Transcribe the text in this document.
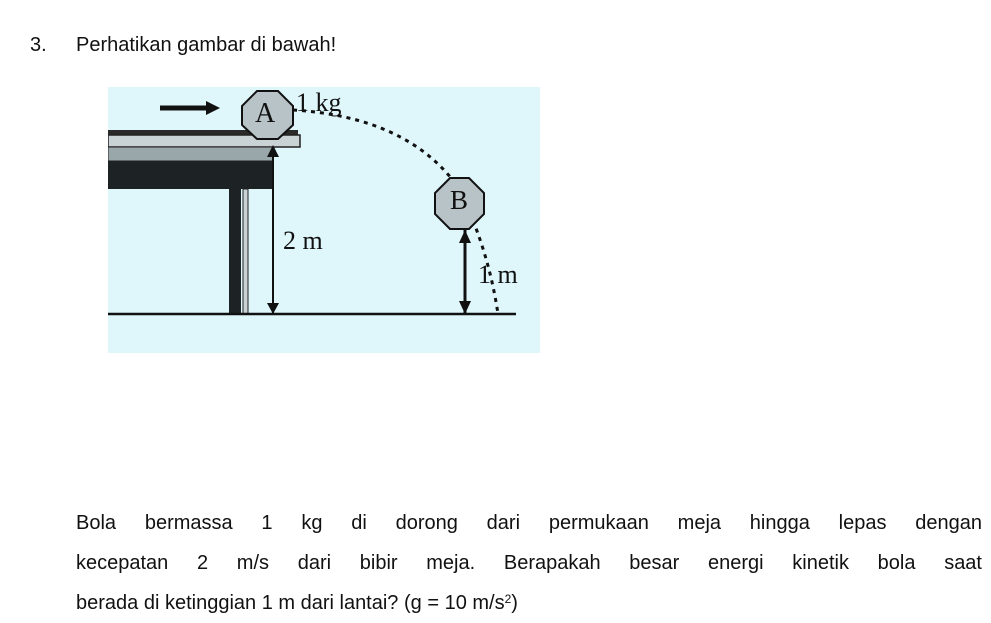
3. Perhatikan gambar di bawah!
A 1 kg
B
2 m
1 m
Bola bermassa 1 kg di dorong dari permukaan meja hingga lepas dengan
kecepatan 2 m/s dari bibir meja. Berapakah besar energi kinetik bola saat
berada di ketinggian 1 m dari lantai? (g = 10 $m/s^2$)
